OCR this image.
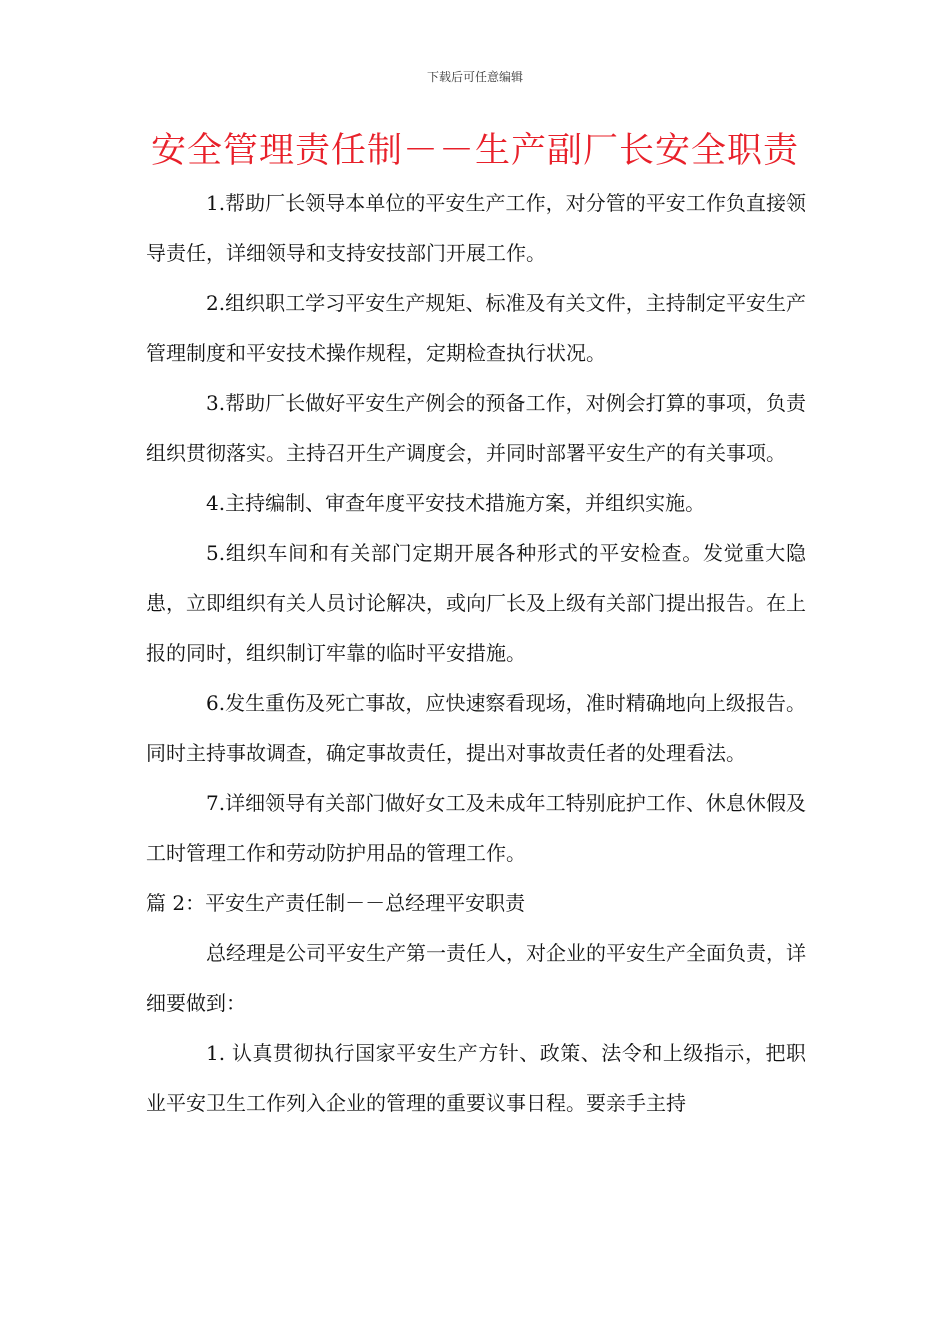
下载后可任意编辑
安全管理责任制－－生产副厂长安全职责

1.帮助厂长领导本单位的平安生产工作，对分管的平安工作负直接领导责任，详细领导和支持安技部门开展工作。

2.组织职工学习平安生产规矩、标准及有关文件，主持制定平安生产管理制度和平安技术操作规程，定期检查执行状况。

3.帮助厂长做好平安生产例会的预备工作，对例会打算的事项，负责组织贯彻落实。主持召开生产调度会，并同时部署平安生产的有关事项。

4.主持编制、审查年度平安技术措施方案，并组织实施。

5.组织车间和有关部门定期开展各种形式的平安检查。发觉重大隐患，立即组织有关人员讨论解决，或向厂长及上级有关部门提出报告。在上报的同时，组织制订牢靠的临时平安措施。

6.发生重伤及死亡事故，应快速察看现场，准时精确地向上级报告。同时主持事故调查，确定事故责任，提出对事故责任者的处理看法。

7.详细领导有关部门做好女工及未成年工特别庇护工作、休息休假及工时管理工作和劳动防护用品的管理工作。

篇 2：平安生产责任制－－总经理平安职责

总经理是公司平安生产第一责任人，对企业的平安生产全面负责，详细要做到：

1. 认真贯彻执行国家平安生产方针、政策、法令和上级指示，把职业平安卫生工作列入企业的管理的重要议事日程。要亲手主持
